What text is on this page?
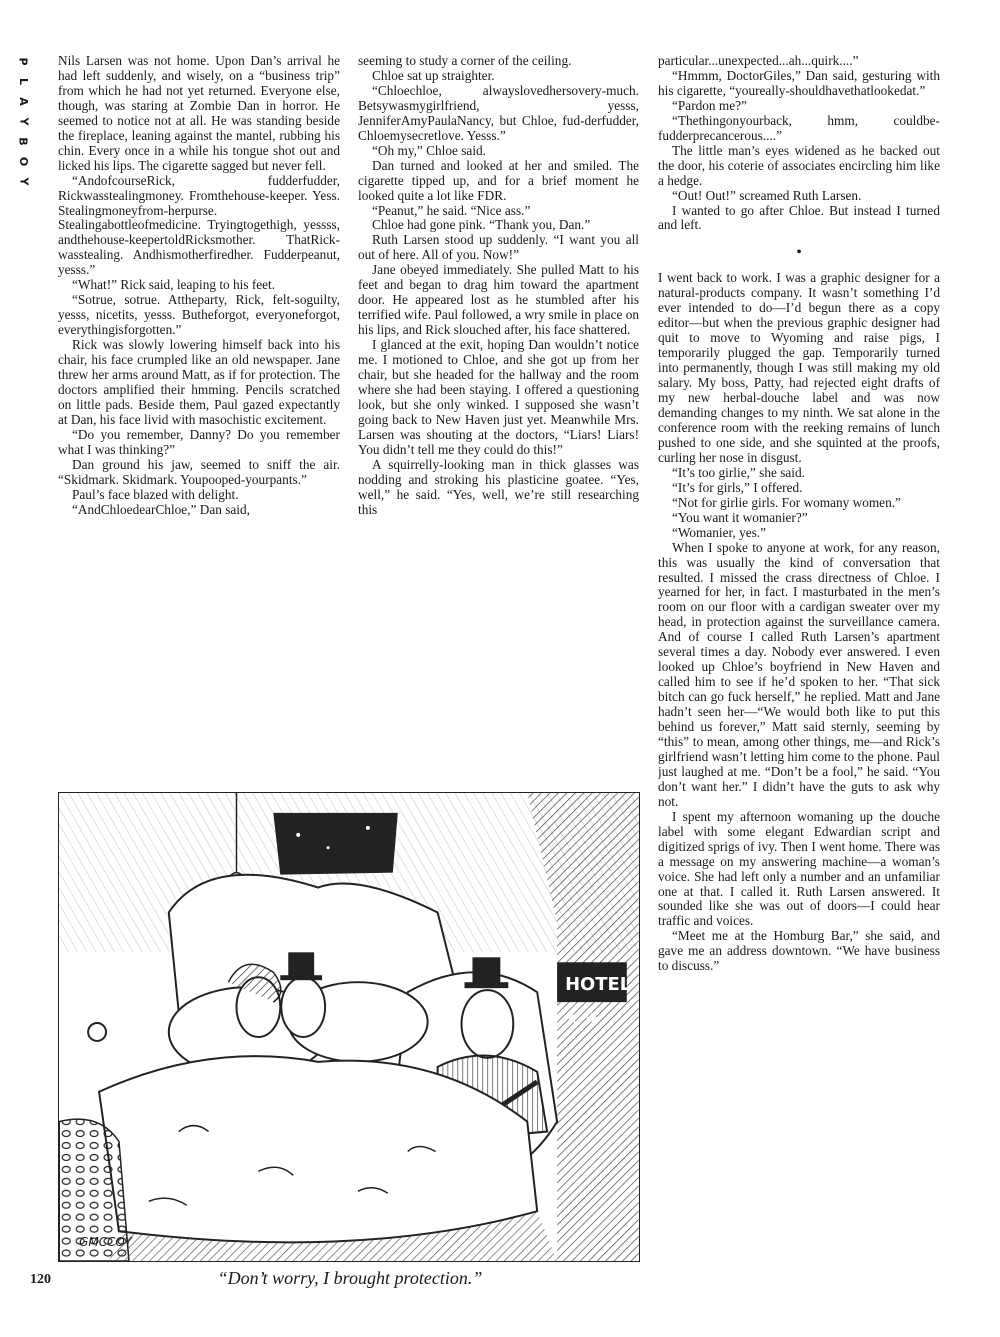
P
L
A
Y
B
O
Y

Nils Larsen was not home. Upon Dan’s arrival he had left suddenly, and wisely, on a “business trip” from which he had not yet returned. Everyone else, though, was staring at Zombie Dan in horror. He seemed to notice not at all. He was standing beside the fireplace, leaning against the mantel, rubbing his chin. Every once in a while his tongue shot out and licked his lips. The cigarette sagged but never fell.

“AndofcourseRick, fudderfudder, Rickwasstealingmoney. Fromthehouse-keeper. Yess. Stealingmoneyfrom-herpurse. Stealingabottleofmedicine. Tryingtogethigh, yessss, andthehouse-keepertoldRicksmother. ThatRick-wasstealing. Andhismotherfiredher. Fudderpeanut, yesss.”

“What!” Rick said, leaping to his feet.

“Sotrue, sotrue. Attheparty, Rick, felt-soguilty, yesss, nicetits, yesss. Butheforgot, everyoneforgot, everythingisforgotten.”

Rick was slowly lowering himself back into his chair, his face crumpled like an old newspaper. Jane threw her arms around Matt, as if for protection. The doctors amplified their hmming. Pencils scratched on little pads. Beside them, Paul gazed expectantly at Dan, his face livid with masochistic excitement.

“Do you remember, Danny? Do you remember what I was thinking?”

Dan ground his jaw, seemed to sniff the air. “Skidmark. Skidmark. Youpooped-yourpants.”

Paul’s face blazed with delight.

“AndChloedearChloe,” Dan said,

seeming to study a corner of the ceiling.

Chloe sat up straighter.

“Chloechloe, alwayslovedhersovery-much. Betsywasmygirlfriend, yesss, JenniferAmyPaulaNancy, but Chloe, fud-derfudder, Chloemysecretlove. Yesss.”

“Oh my,” Chloe said.

Dan turned and looked at her and smiled. The cigarette tipped up, and for a brief moment he looked quite a lot like FDR.

“Peanut,” he said. “Nice ass.”

Chloe had gone pink. “Thank you, Dan.”

Ruth Larsen stood up suddenly. “I want you all out of here. All of you. Now!”

Jane obeyed immediately. She pulled Matt to his feet and began to drag him toward the apartment door. He appeared lost as he stumbled after his terrified wife. Paul followed, a wry smile in place on his lips, and Rick slouched after, his face shattered.

I glanced at the exit, hoping Dan wouldn’t notice me. I motioned to Chloe, and she got up from her chair, but she headed for the hallway and the room where she had been staying. I offered a questioning look, but she only winked. I supposed she wasn’t going back to New Haven just yet. Meanwhile Mrs. Larsen was shouting at the doctors, “Liars! Liars! You didn’t tell me they could do this!”

A squirrelly-looking man in thick glasses was nodding and stroking his plasticine goatee. “Yes, well,” he said. “Yes, well, we’re still researching this

particular...unexpected...ah...quirk....”

“Hmmm, DoctorGiles,” Dan said, gesturing with his cigarette, “youreally-shouldhavethatlookedat.”

“Pardon me?”

“Thethingonyourback, hmm, couldbe-fudderprecancerous....”

The little man’s eyes widened as he backed out the door, his coterie of associates encircling him like a hedge.

“Out! Out!” screamed Ruth Larsen.

I wanted to go after Chloe. But instead I turned and left.

•

I went back to work. I was a graphic designer for a natural-products company. It wasn’t something I’d ever intended to do—I’d begun there as a copy editor—but when the previous graphic designer had quit to move to Wyoming and raise pigs, I temporarily plugged the gap. Temporarily turned into permanently, though I was still making my old salary. My boss, Patty, had rejected eight drafts of my new herbal-douche label and was now demanding changes to my ninth. We sat alone in the conference room with the reeking remains of lunch pushed to one side, and she squinted at the proofs, curling her nose in disgust.

“It’s too girlie,” she said.

“It’s for girls,” I offered.

“Not for girlie girls. For womany women.”

“You want it womanier?”

“Womanier, yes.”

When I spoke to anyone at work, for any reason, this was usually the kind of conversation that resulted. I missed the crass directness of Chloe. I yearned for her, in fact. I masturbated in the men’s room on our floor with a cardigan sweater over my head, in protection against the surveillance camera. And of course I called Ruth Larsen’s apartment several times a day. Nobody ever answered. I even looked up Chloe’s boyfriend in New Haven and called him to see if he’d spoken to her. “That sick bitch can go fuck herself,” he replied. Matt and Jane hadn’t seen her—“We would both like to put this behind us forever,” Matt said sternly, seeming by “this” to mean, among other things, me—and Rick’s girlfriend wasn’t letting him come to the phone. Paul just laughed at me. “Don’t be a fool,” he said. “You don’t want her.” I didn’t have the guts to ask why not.

I spent my afternoon womaning up the douche label with some elegant Edwardian script and digitized sprigs of ivy. Then I went home. There was a message on my answering machine—a woman’s voice. She had left only a number and an unfamiliar one at that. I called it. Ruth Larsen answered. It sounded like she was out of doors—I could hear traffic and voices.

“Meet me at the Homburg Bar,” she said, and gave me an address downtown. “We have business to discuss.”

HOTEL
★ ★
GMCCOY
“Don’t worry, I brought protection.”
120
